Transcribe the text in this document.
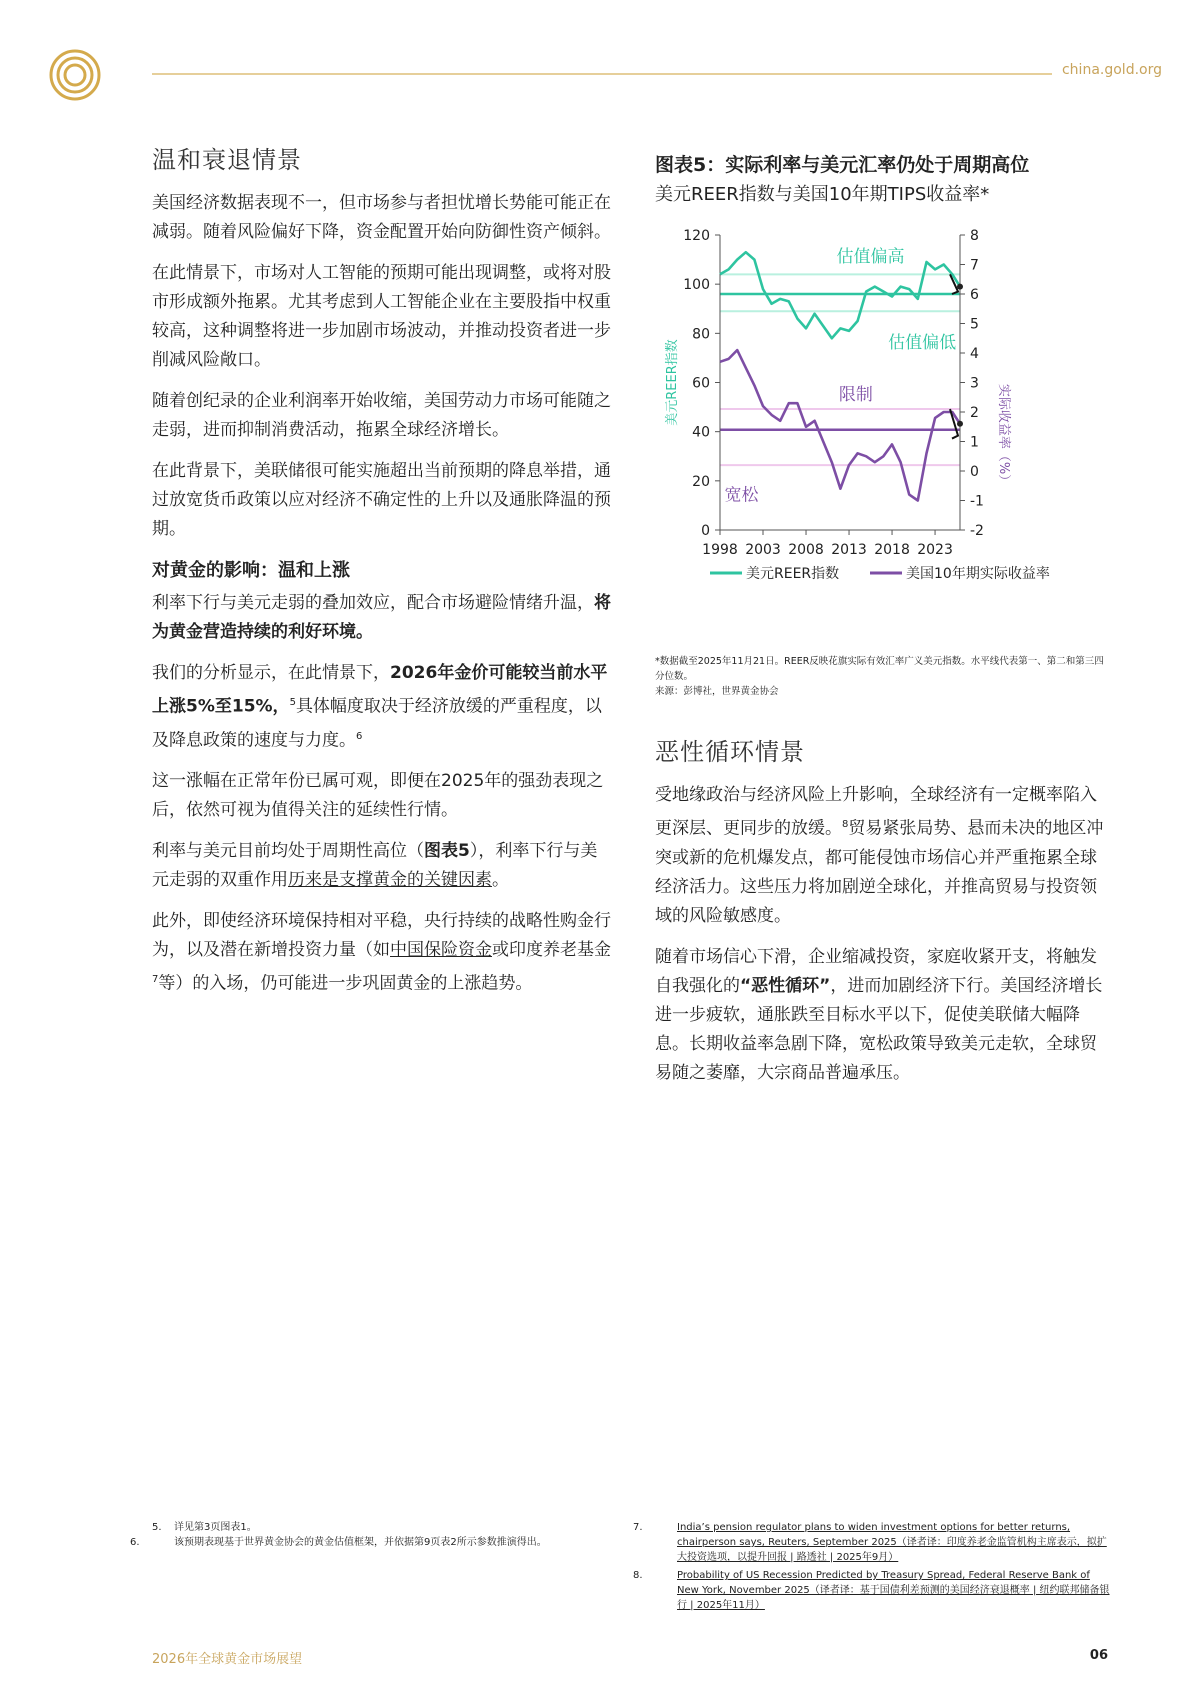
china.gold.org
温和衰退情景

美国经济数据表现不一，但市场参与者担忧增长势能可能正在减弱。随着风险偏好下降，资金配置开始向防御性资产倾斜。

在此情景下，市场对人工智能的预期可能出现调整，或将对股市形成额外拖累。尤其考虑到人工智能企业在主要股指中权重较高，这种调整将进一步加剧市场波动，并推动投资者进一步削减风险敞口。

随着创纪录的企业利润率开始收缩，美国劳动力市场可能随之走弱，进而抑制消费活动，拖累全球经济增长。

在此背景下，美联储很可能实施超出当前预期的降息举措，通过放宽货币政策以应对经济不确定性的上升以及通胀降温的预期。

对黄金的影响：温和上涨

利率下行与美元走弱的叠加效应，配合市场避险情绪升温，将为黄金营造持续的利好环境。

我们的分析显示，在此情景下，2026年金价可能较当前水平上涨5%至15%，$^5$具体幅度取决于经济放缓的严重程度，以及降息政策的速度与力度。$^6$

这一涨幅在正常年份已属可观，即便在2025年的强劲表现之后，依然可视为值得关注的延续性行情。

利率与美元目前均处于周期性高位（图表5），利率下行与美元走弱的双重作用历来是支撑黄金的关键因素。

此外，即使经济环境保持相对平稳，央行持续的战略性购金行为，以及潜在新增投资力量（如中国保险资金或印度养老基金$^7$等）的入场，仍可能进一步巩固黄金的上涨趋势。

图表5：实际利率与美元汇率仍处于周期高位
美元REER指数与美国10年期TIPS收益率*
0
20
40
60
80
100
120
-2
-1
0
1
2
3
4
5
6
7
8
1998 2003 2008 2013 2018 2023
美元REER指数
实际收益率（%）
估值偏高
估值偏低
限制
宽松
美元REER指数	美国10年期实际收益率
*数据截至2025年11月21日。REER反映花旗实际有效汇率广义美元指数。水平线代表第一、第二和第三四分位数。
来源：彭博社，世界黄金协会
恶性循环情景

受地缘政治与经济风险上升影响，全球经济有一定概率陷入更深层、更同步的放缓。$^8$贸易紧张局势、悬而未决的地区冲突或新的危机爆发点，都可能侵蚀市场信心并严重拖累全球经济活力。这些压力将加剧逆全球化，并推高贸易与投资领域的风险敏感度。

随着市场信心下滑，企业缩减投资，家庭收紧开支，将触发自我强化的“恶性循环”，进而加剧经济下行。美国经济增长进一步疲软，通胀跌至目标水平以下，促使美联储大幅降息。长期收益率急剧下降，宽松政策导致美元走软，全球贸易随之萎靡，大宗商品普遍承压。

5. 详见第3页图表1。
6.	该预期表现基于世界黄金协会的黄金估值框架，并依据第9页表2所示参数推演得出。
7.	India’s pension regulator plans to widen investment options for better returns, chairperson says, Reuters, September 2025（译者译：印度养老金监管机构主席表示，拟扩大投资选项，以提升回报 | 路透社 | 2025年9月）
8.	Probability of US Recession Predicted by Treasury Spread, Federal Reserve Bank of New York, November 2025（译者译：基于国债利差预测的美国经济衰退概率 | 纽约联邦储备银行 | 2025年11月）
2026年全球黄金市场展望	06
